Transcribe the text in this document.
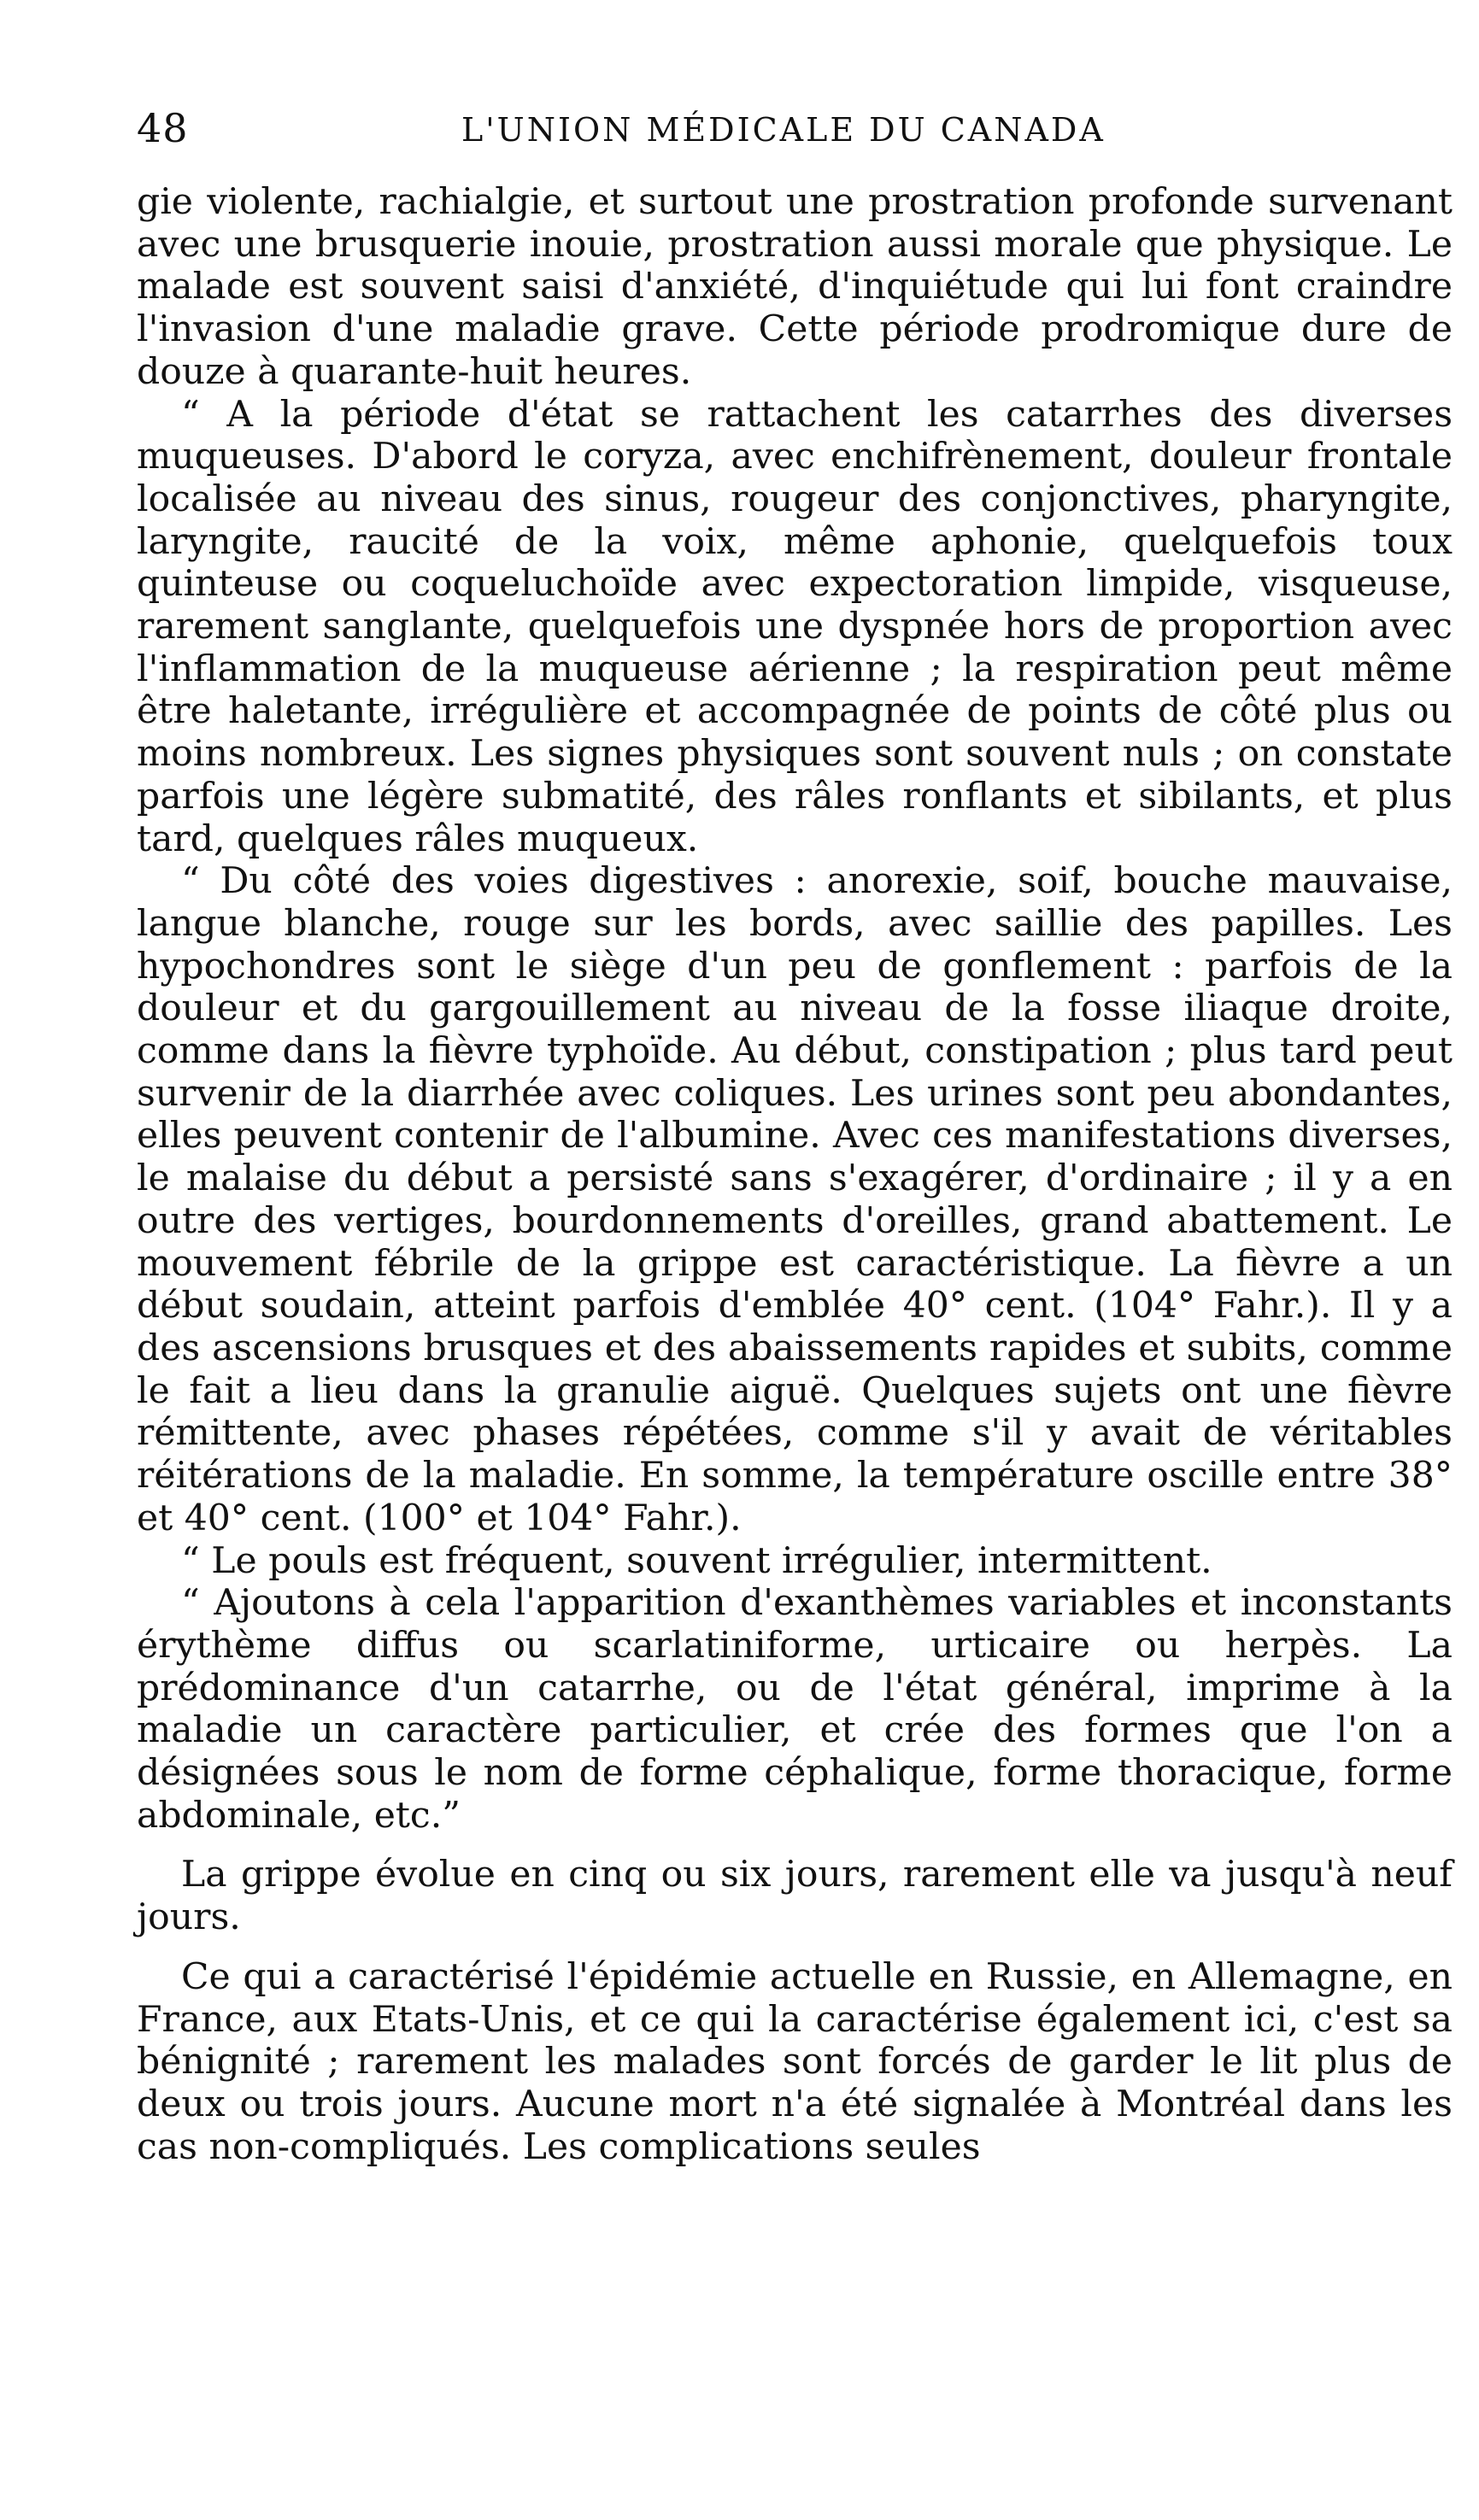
48	L'UNION MÉDICALE DU CANADA

gie violente, rachialgie, et surtout une prostration profonde survenant avec une brusquerie inouie, prostration aussi morale que physique. Le malade est souvent saisi d'anxiété, d'inquiétude qui lui font craindre l'invasion d'une maladie grave. Cette période prodromique dure de douze à quarante-huit heures.

“ A la période d'état se rattachent les catarrhes des diverses muqueuses. D'abord le coryza, avec enchifrènement, douleur frontale localisée au niveau des sinus, rougeur des conjonctives, pharyngite, laryngite, raucité de la voix, même aphonie, quelquefois toux quinteuse ou coqueluchoïde avec expectoration limpide, visqueuse, rarement sanglante, quelquefois une dyspnée hors de proportion avec l'inflammation de la muqueuse aérienne ; la respiration peut même être haletante, irrégulière et accompagnée de points de côté plus ou moins nombreux. Les signes physiques sont souvent nuls ; on constate parfois une légère submatité, des râles ronflants et sibilants, et plus tard, quelques râles muqueux.

“ Du côté des voies digestives : anorexie, soif, bouche mauvaise, langue blanche, rouge sur les bords, avec saillie des papilles. Les hypochondres sont le siège d'un peu de gonflement : parfois de la douleur et du gargouillement au niveau de la fosse iliaque droite, comme dans la fièvre typhoïde. Au début, constipation ; plus tard peut survenir de la diarrhée avec coliques. Les urines sont peu abondantes, elles peuvent contenir de l'albumine. Avec ces manifestations diverses, le malaise du début a persisté sans s'exagérer, d'ordinaire ; il y a en outre des vertiges, bourdonnements d'oreilles, grand abattement. Le mouvement fébrile de la grippe est caractéristique. La fièvre a un début soudain, atteint parfois d'emblée 40° cent. (104° Fahr.). Il y a des ascensions brusques et des abaissements rapides et subits, comme le fait a lieu dans la granulie aiguë. Quelques sujets ont une fièvre rémittente, avec phases répétées, comme s'il y avait de véritables réitérations de la maladie. En somme, la température oscille entre 38° et 40° cent. (100° et 104° Fahr.).

“ Le pouls est fréquent, souvent irrégulier, intermittent.

“ Ajoutons à cela l'apparition d'exanthèmes variables et inconstants érythème diffus ou scarlatiniforme, urticaire ou herpès. La prédominance d'un catarrhe, ou de l'état général, imprime à la maladie un caractère particulier, et crée des formes que l'on a désignées sous le nom de forme céphalique, forme thoracique, forme abdominale, etc.”

La grippe évolue en cinq ou six jours, rarement elle va jusqu'à neuf jours.

Ce qui a caractérisé l'épidémie actuelle en Russie, en Allemagne, en France, aux Etats-Unis, et ce qui la caractérise également ici, c'est sa bénignité ; rarement les malades sont forcés de garder le lit plus de deux ou trois jours. Aucune mort n'a été signalée à Montréal dans les cas non-compliqués. Les complications seules
